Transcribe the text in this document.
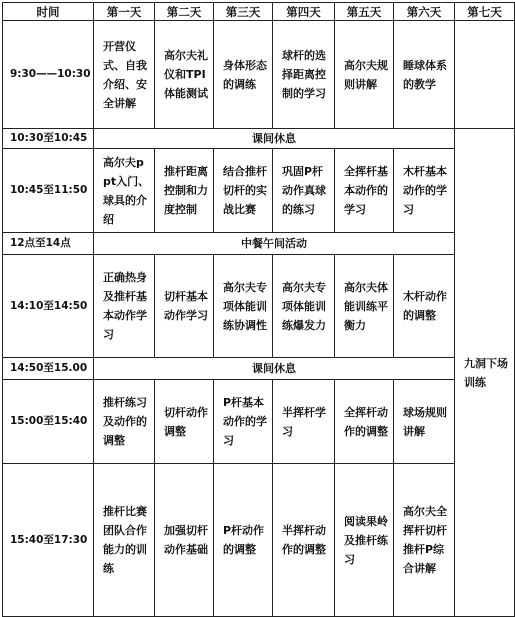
时间	第一天	第二天	第三天	第四天	第五天	第六天	第七天	
9:30——10:30	开营仪式、自我介绍、安全讲解	高尔夫礼仪和TPI体能测试	身体形态的调练	球杆的选择距离控制的学习	高尔夫规则讲解	睡球体系的教学		
10:30至10:45	课间休息						九洞下场训练	
10:45至11:50	高尔夫ppt入门、球具的介绍	推杆距离控制和力度控制	结合推杆切杆的实战比赛	巩固P杆动作真球的练习	全挥杆基本动作的学习	木杆基本动作的学习		
12点至14点	中餐午间活动							
14:10至14:50	正确热身及推杆基本动作学习	切杆基本动作学习	高尔夫专项体能训练协调性	高尔夫专项体能训练爆发力	高尔夫体能训练平衡力	木杆动作的调整		
14:50至15.00	课间休息							
15:00至15:40	推杆练习及动作的调整	切杆动作调整	P杆基本动作的学习	半挥杆学习	全挥杆动作的调整	球场规则讲解		
15:40至17:30	推杆比赛团队合作能力的训练	加强切杆动作基础	P杆动作的调整	半挥杆动作的调整	阅读果岭及推杆练习	高尔夫全挥杆切杆推杆P综合讲解	
